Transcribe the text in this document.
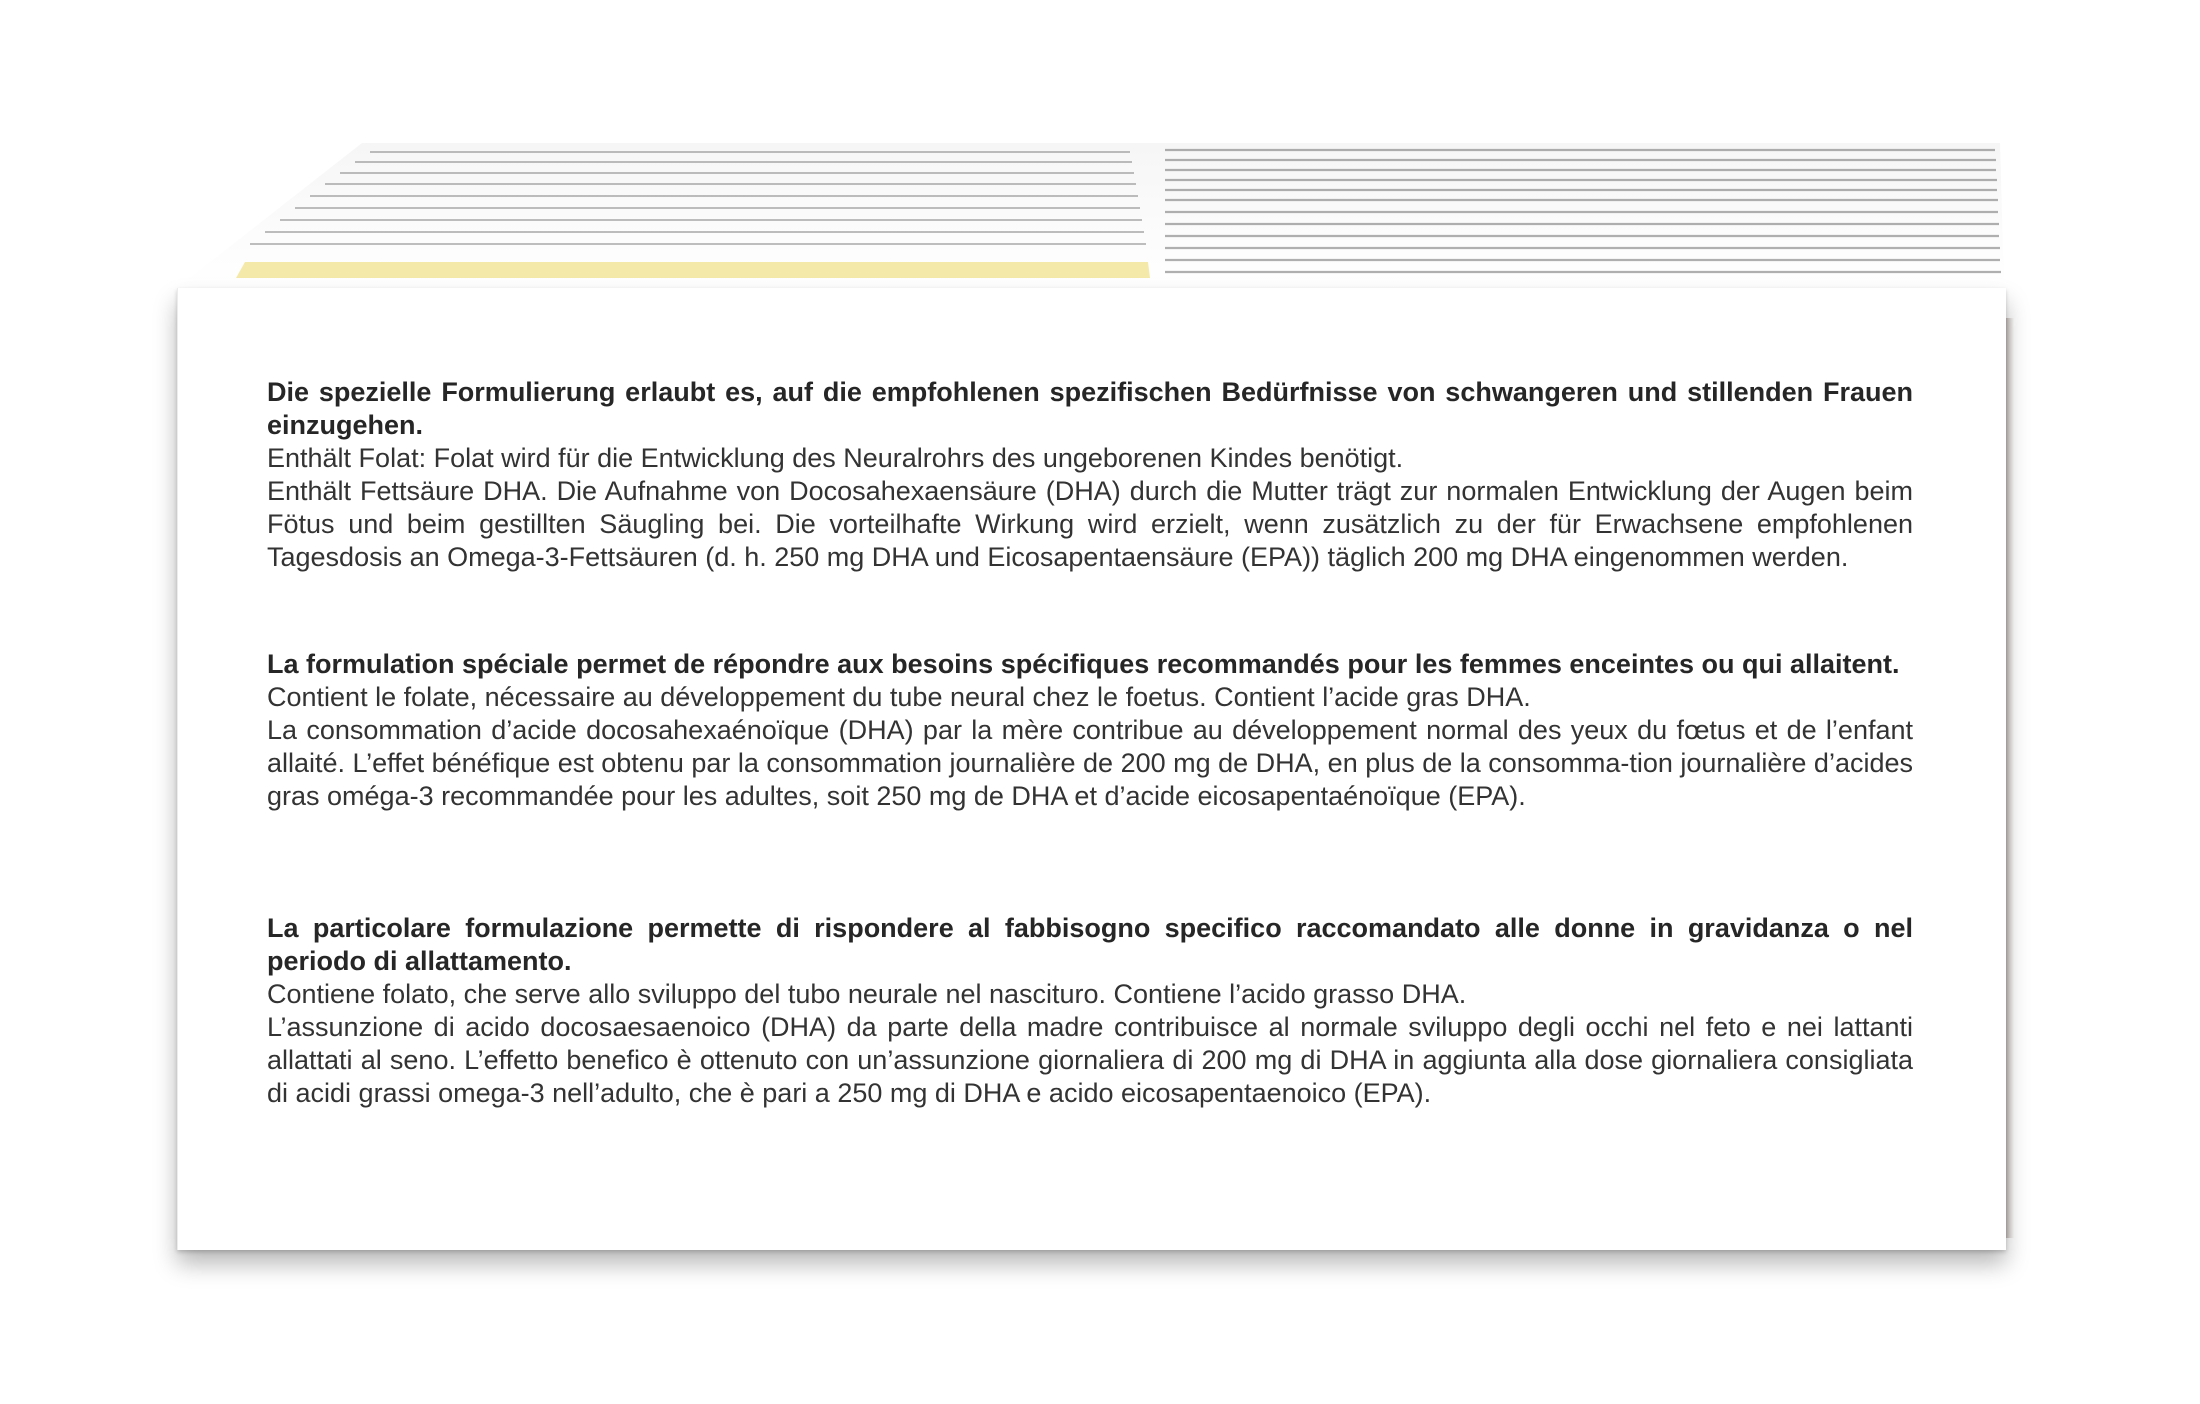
Die spezielle Formulierung erlaubt es, auf die empfohlenen spezifischen Bedürfnisse von schwangeren und stillenden Frauen einzugehen.

Enthält Folat: Folat wird für die Entwicklung des Neuralrohrs des ungeborenen Kindes benötigt.

Enthält Fettsäure DHA. Die Aufnahme von Docosahexaensäure (DHA) durch die Mutter trägt zur normalen Entwicklung der Augen beim Fötus und beim gestillten Säugling bei. Die vorteilhafte Wirkung wird erzielt, wenn zusätzlich zu der für Erwachsene empfohlenen Tagesdosis an Omega-3-Fettsäuren (d. h. 250 mg DHA und Eicosapentaensäure (EPA)) täglich 200 mg DHA eingenommen werden.

La formulation spéciale permet de répondre aux besoins spécifiques recommandés pour les femmes enceintes ou qui allaitent.

Contient le folate, nécessaire au développement du tube neural chez le foetus. Contient l’acide gras DHA.

La consommation d’acide docosahexaénoïque (DHA) par la mère contribue au développement normal des yeux du fœtus et de l’enfant allaité. L’effet bénéfique est obtenu par la consommation journalière de 200 mg de DHA, en plus de la consomma-tion journalière d’acides gras oméga-3 recommandée pour les adultes, soit 250 mg de DHA et d’acide eicosapentaénoïque (EPA).

La particolare formulazione permette di rispondere al fabbisogno specifico raccomandato alle donne in gravidanza o nel periodo di allattamento.

Contiene folato, che serve allo sviluppo del tubo neurale nel nascituro. Contiene l’acido grasso DHA.

L’assunzione di acido docosaesaenoico (DHA) da parte della madre contribuisce al normale sviluppo degli occhi nel feto e nei lattanti allattati al seno. L’effetto benefico è ottenuto con un’assunzione giornaliera di 200 mg di DHA in aggiunta alla dose giornaliera consigliata di acidi grassi omega-3 nell’adulto, che è pari a 250 mg di DHA e acido eicosapentaenoico (EPA).
